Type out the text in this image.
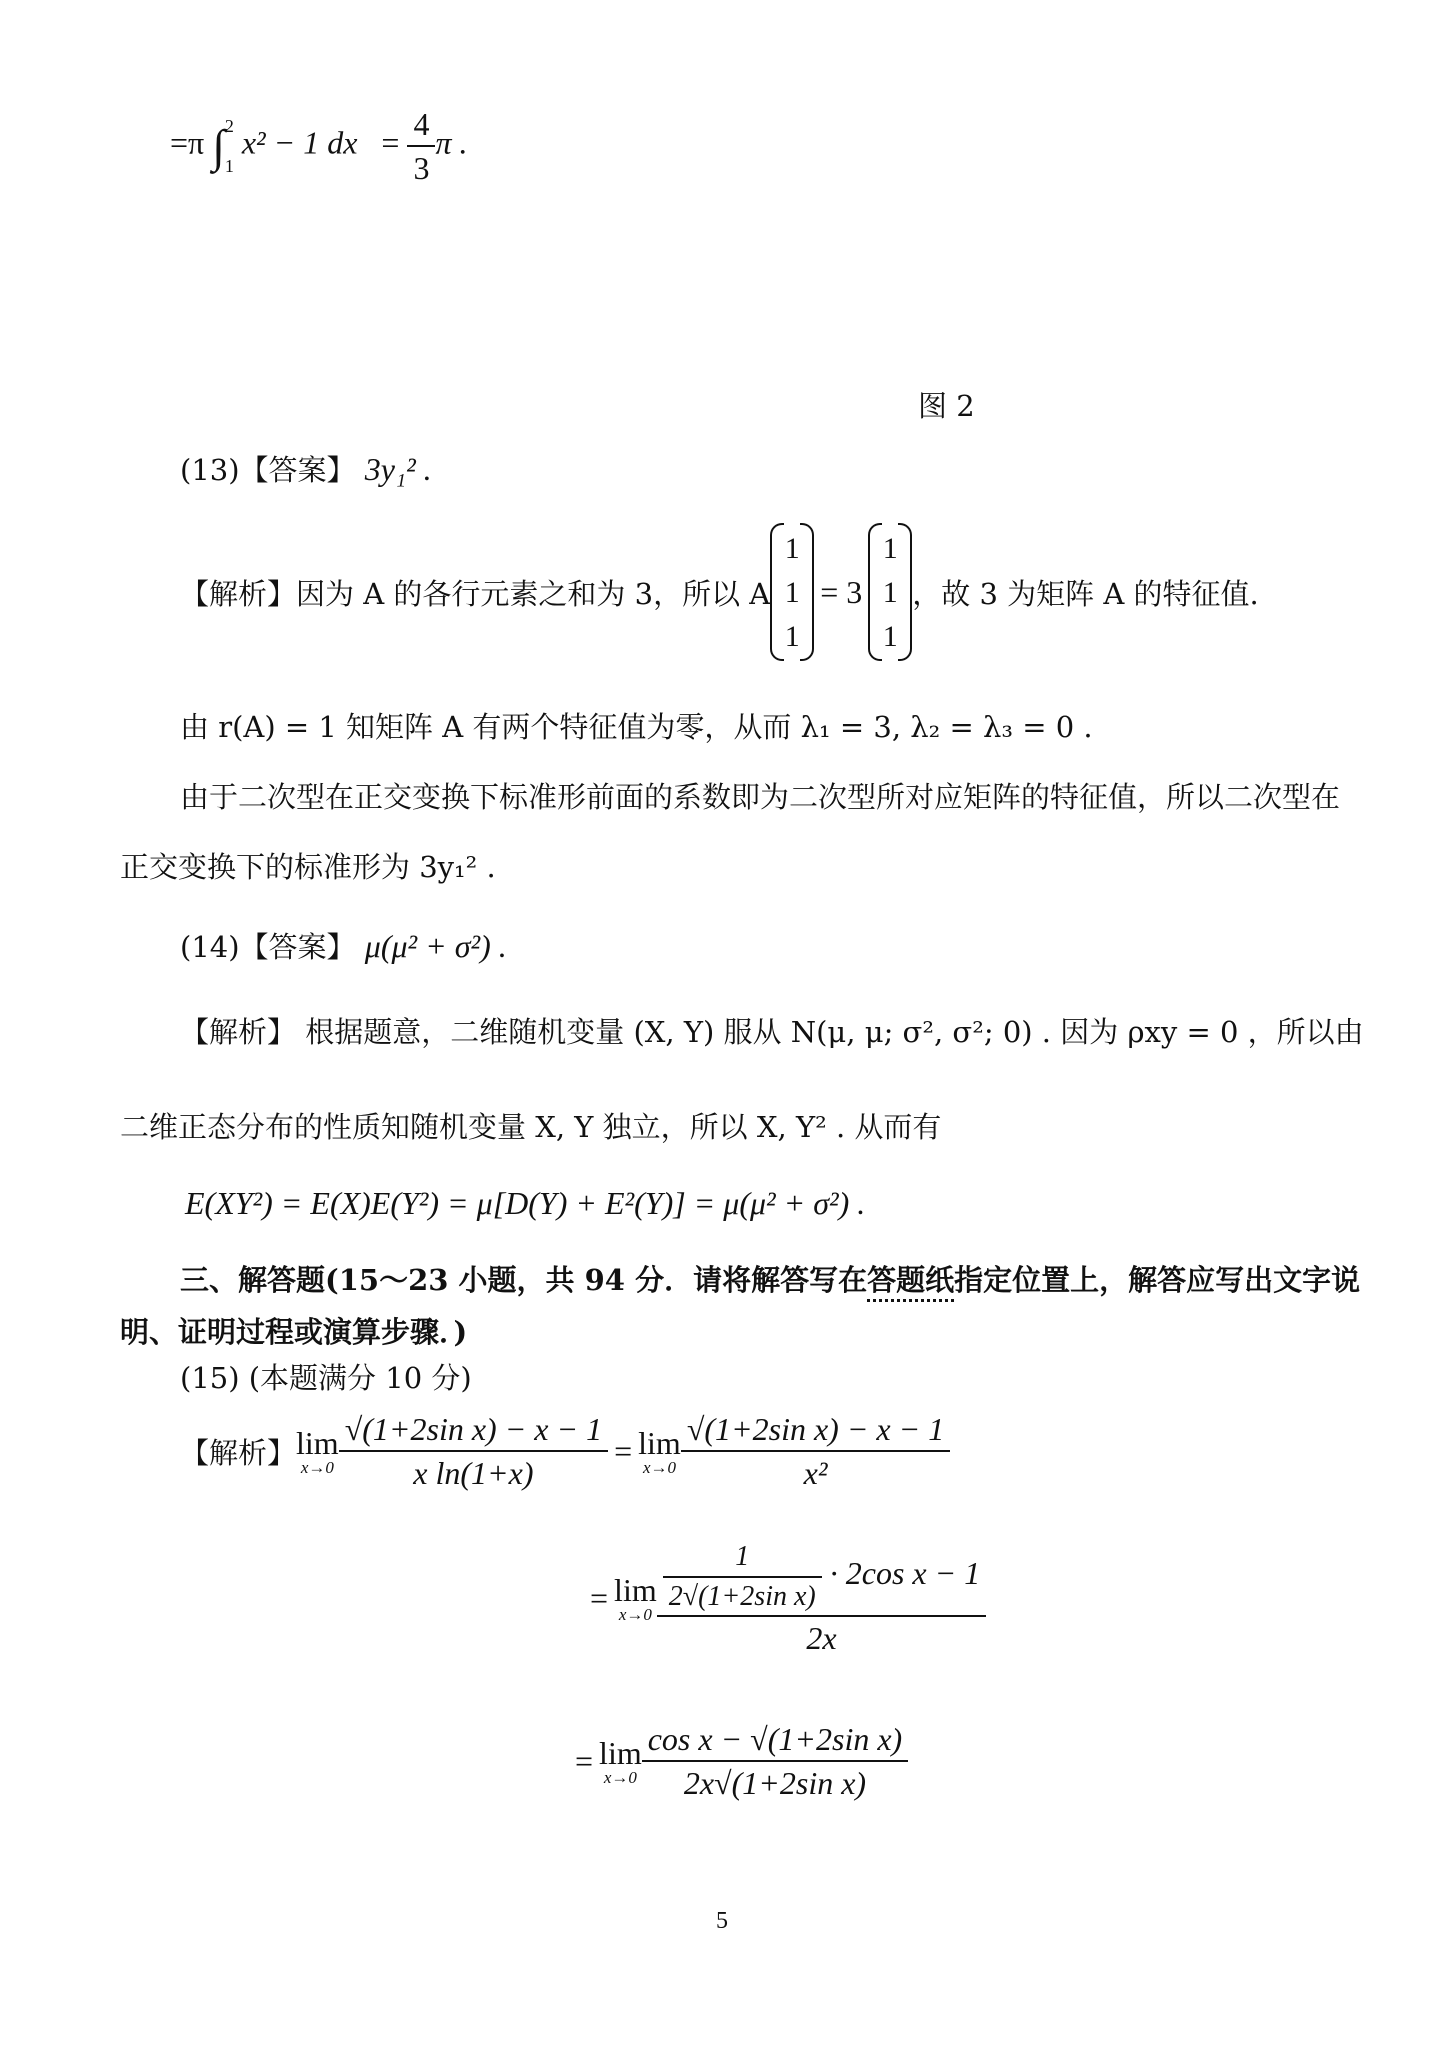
=π ∫ 2
1
x² − 1 dx = $\frac{4}{3}$ π .
图 2
(13)【答案】 3y₁² .
【解析】 因为 A 的各行元素之和为 3，所以 A
1
1
1
= 3
1
1
1
，故 3 为矩阵 A 的特征值.
由 r(A) = 1 知矩阵 A 有两个特征值为零，从而 λ₁ = 3, λ₂ = λ₃ = 0 .
由于二次型在正交变换下标准形前面的系数即为二次型所对应矩阵的特征值，所以二次型在
正交变换下的标准形为 3y₁² .
(14)【答案】 μ(μ² + σ²) .
【解析】 根据题意，二维随机变量 (X, Y) 服从 N(μ, μ; σ², σ²; 0) . 因为 ρxy = 0 ，所以由
二维正态分布的性质知随机变量 X, Y 独立，所以 X, Y² . 从而有
E(XY²) = E(X)E(Y²) = μ[D(Y) + E²(Y)] = μ(μ² + σ²) .
三、解答题(15～23 小题，共 94 分．请将解答写在答题纸指定位置上，解答应写出文字说
明、证明过程或演算步骤．)
(15) (本题满分 10 分)
【解析】 lim
$x\to 0 \frac{\text{√(1+2sin x) − x − 1}}{\text{x ln(1+x)}} = \lim$
$x\to 0 \frac{\text{√(1+2sin x) − x − 1}}{\text{x²}}$
= lim
$x\to 0 \frac{\frac{1}{\text{2√(1+2sin x)}} \cdot 2\cos x - 1}{2x}$
= lim
$x\to 0 \frac{\text{cos x − √(1+2sin x)}}{\text{2x√(1+2sin x)}}$
5
